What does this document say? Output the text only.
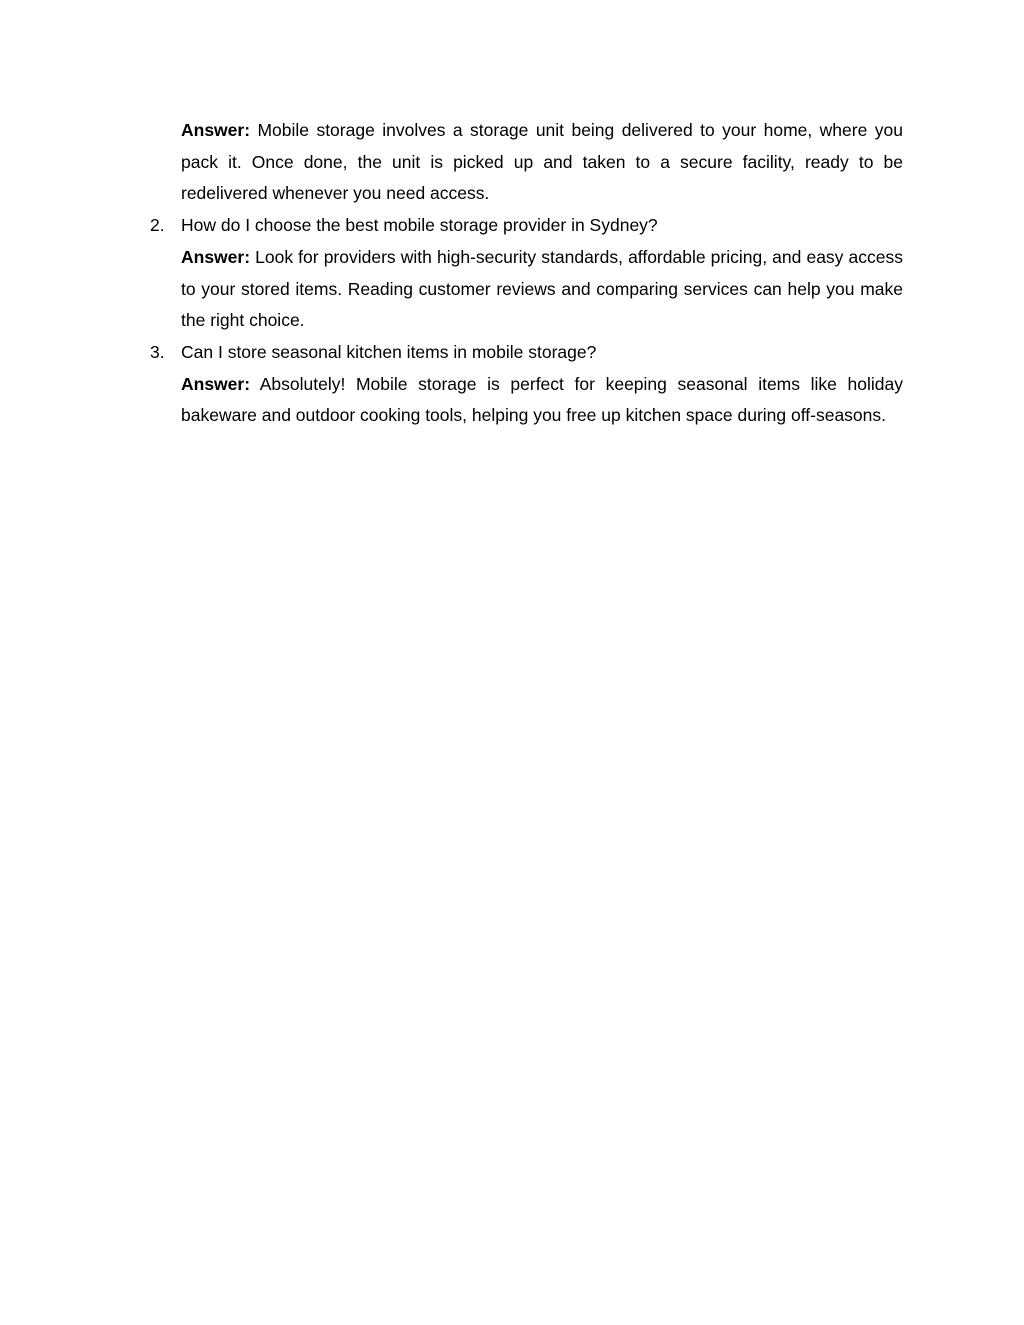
Answer: Mobile storage involves a storage unit being delivered to your home, where you pack it. Once done, the unit is picked up and taken to a secure facility, ready to be redelivered whenever you need access.
2. How do I choose the best mobile storage provider in Sydney?
Answer: Look for providers with high-security standards, affordable pricing, and easy access to your stored items. Reading customer reviews and comparing services can help you make the right choice.
3. Can I store seasonal kitchen items in mobile storage?
Answer: Absolutely! Mobile storage is perfect for keeping seasonal items like holiday bakeware and outdoor cooking tools, helping you free up kitchen space during off-seasons.
